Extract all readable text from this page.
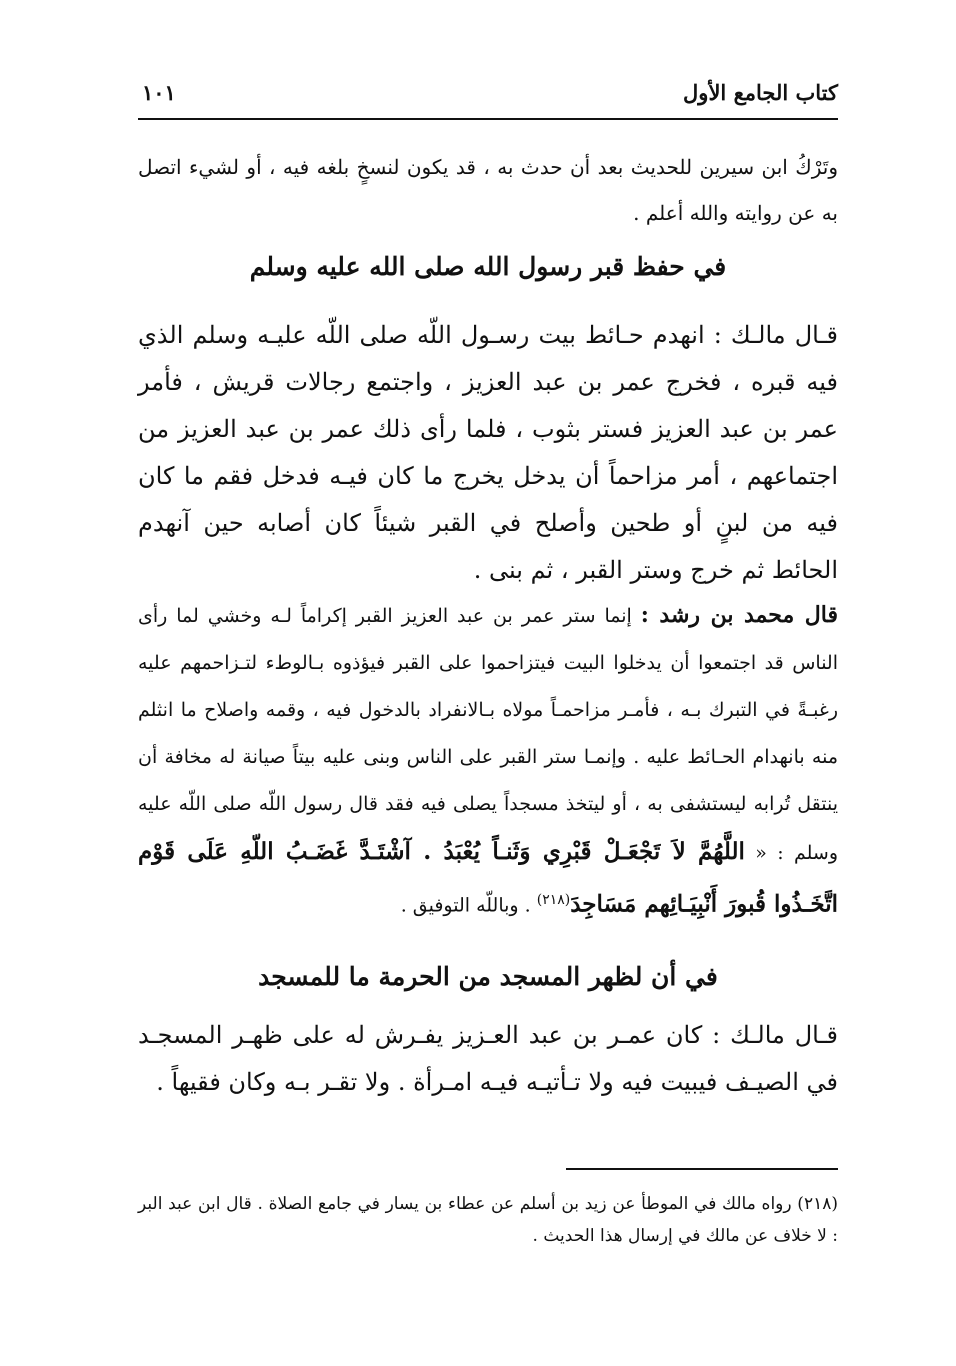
كتاب الجامع الأول
١٠١

وتَرْكُ ابن سيرين للحديث بعد أن حدث به ، قد يكون لنسخٍ بلغه فيه ، أو لشيء اتصل به عن روايته والله أعلم .

في حفظ قبر رسول الله صلى الله عليه وسلم

قـال مالـك : انهدم حـائط بيت رسـول اللّه صلى اللّه عليـه وسلم الذي فيه قبره ، فخرج عمر بن عبد العزيز ، واجتمع رجالات قريش ، فأمر عمر بن عبد العزيز فستر بثوب ، فلما رأى ذلك عمر بن عبد العزيز من اجتماعهم ، أمر مزاحماً أن يدخل يخرج ما كان فيـه فدخل فقم ما كان فيه من لبنٍ أو طحين وأصلح في القبر شيئاً كان أصابه حين آنهدم الحائط ثم خرج وستر القبر ، ثم بنى .

قال محمد بن رشد : إنما ستر عمر بن عبد العزيز القبر إكراماً لـه وخشي لما رأى الناس قد اجتمعوا أن يدخلوا البيت فيتزاحموا على القبر فيؤذوه بـالوطء لتـزاحمهم عليه رغبـةً في التبرك بـه ، فأمـر مزاحمـاً مولاه بـالانفراد بالدخول فيه ، وقمه واصلاح ما انثلم منه بانهدام الحـائط عليه . وإنمـا ستر القبر على الناس وبنى عليه بيتاً صيانة له مخافة أن ينتقل تُرابه ليستشفى به ، أو ليتخذ مسجداً يصلى فيه فقد قال رسول اللّه صلى اللّه عليه وسلم : « اللَّهُمَّ لاَ تَجْعَـلْ قَبْرِي وَثَنـاً يُعْبَدُ . آشْتَـدَّ غَضَـبُ اللّهِ عَلَى قَوْم اتَّخَـذُوا قُبورَ أَنْبِيَـائِهم مَسَاجِدَ$^{(٢١٨)}$ . وباللّه التوفيق .

في أن لظهر المسجد من الحرمة ما للمسجد

قـال مالـك : كان عمـر بن عبد العـزيز يفـرش له على ظهـر المسجـد في الصيـف فيبيت فيه ولا تـأتيـه فيـه امـرأة . ولا تقـر بـه وكان فقيهاً .

(٢١٨) رواه مالك في الموطأ عن زيد بن أسلم عن عطاء بن يسار في جامع الصلاة . قال ابن عبد البر : لا خلاف عن مالك في إرسال هذا الحديث .
